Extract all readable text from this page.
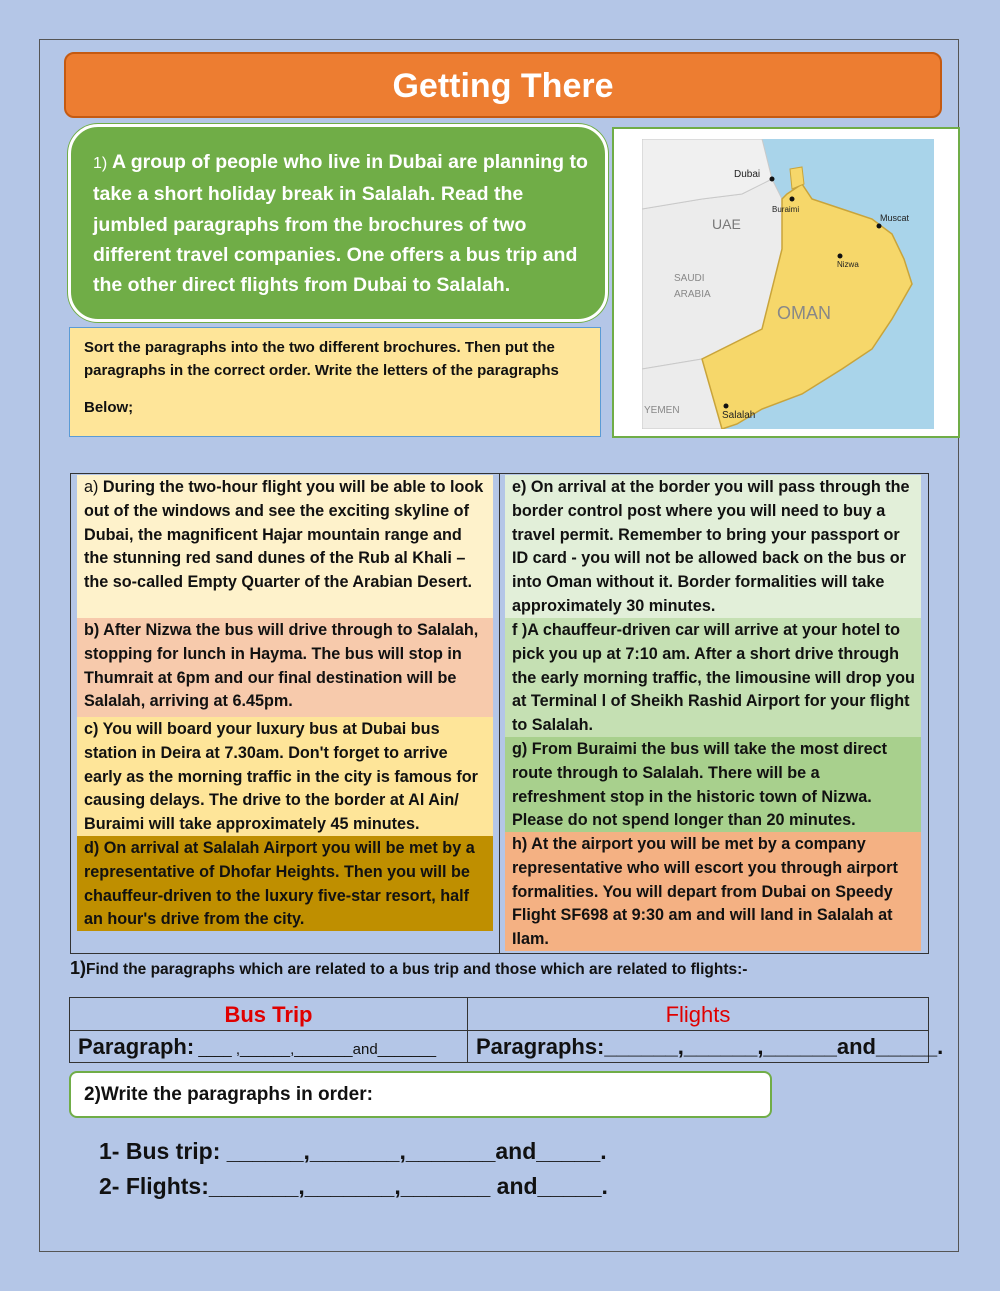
Getting There
1) A group of people who live in Dubai are planning to take a short holiday break in Salalah. Read the jumbled paragraphs from the brochures of two different travel companies. One offers a bus trip and the other direct flights from Dubai to Salalah.
Sort the paragraphs into the two different brochures. Then put the paragraphs in the correct order. Write the letters of the paragraphs
Below;
Dubai
Buraimi
Muscat
UAE
Nizwa
SAUDI
ARABIA
OMAN
YEMEN	Salalah
a) During the two-hour flight you will be able to look out of the windows and see the exciting skyline of Dubai, the magnificent Hajar mountain range and the stunning red sand dunes of the Rub al Khali – the so-called Empty Quarter of the Arabian Desert.
b) After Nizwa the bus will drive through to Salalah, stopping for lunch in Hayma. The bus will stop in Thumrait at 6pm and our final destination will be Salalah, arriving at 6.45pm.
c) You will board your luxury bus at Dubai bus station in Deira at 7.30am. Don't forget to arrive early as the morning traffic in the city is famous for causing delays. The drive to the border at Al Ain/ Buraimi will take approximately 45 minutes.
d) On arrival at Salalah Airport you will be met by a representative of Dhofar Heights. Then you will be chauffeur-driven to the luxury five-star resort, half an hour's drive from the city.
e) On arrival at the border you will pass through the border control post where you will need to buy a travel permit. Remember to bring your passport or ID card - you will not be allowed back on the bus or into Oman without it. Border formalities will take approximately 30 minutes.
f )A chauffeur-driven car will arrive at your hotel to pick you up at 7:10 am. After a short drive through the early morning traffic, the limousine will drop you at Terminal l of Sheikh Rashid Airport for your flight to Salalah.
g) From Buraimi the bus will take the most direct route through to Salalah. There will be a refreshment stop in the historic town of Nizwa. Please do not spend longer than 20 minutes.
h) At the airport you will be met by a company representative who will escort you through airport formalities. You will depart from Dubai on Speedy Flight SF698 at 9:30 am and will land in Salalah at Ilam.
1)Find the paragraphs which are related to a bus trip and those which are related to flights:-
Bus Trip	Flights
Paragraph: ____ ,______,_______and_______ Paragraphs:______,______,______and_____.
2)Write the paragraphs in order:
1- Bus trip: ______,_______,_______and_____.
2- Flights:_______,_______,_______ and_____.
